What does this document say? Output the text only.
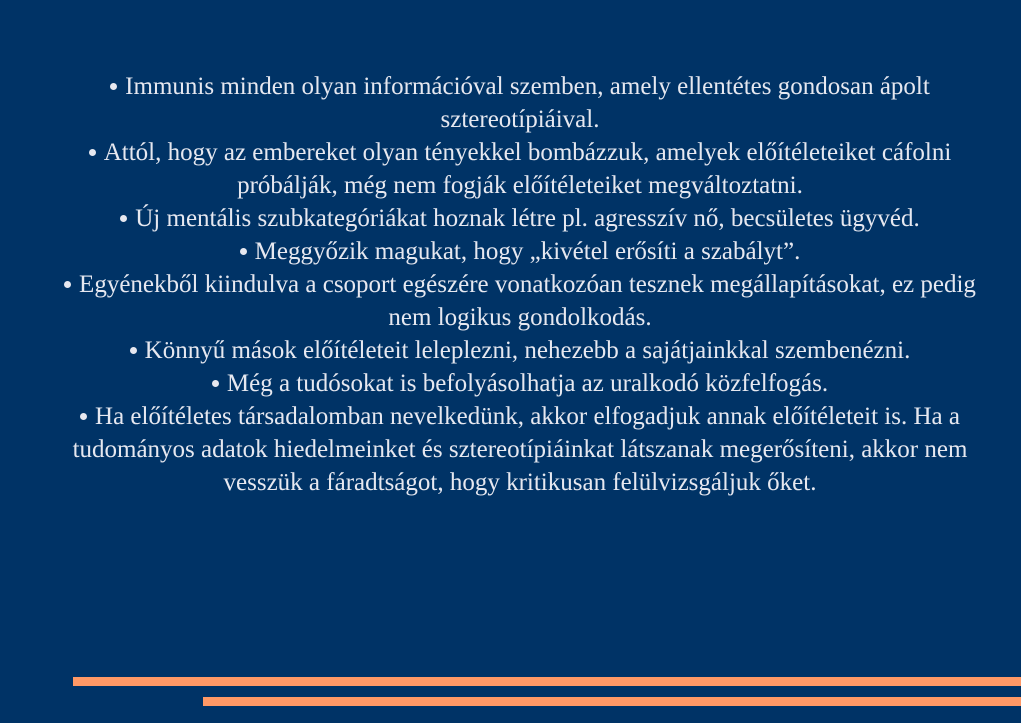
Immunis minden olyan információval szemben, amely ellentétes gondosan ápolt sztereotípiáival.
Attól, hogy az embereket olyan tényekkel bombázzuk, amelyek előítéleteiket cáfolni próbálják, még nem fogják előítéleteiket megváltoztatni.
Új mentális szubkategóriákat hoznak létre pl. agresszív nő, becsületes ügyvéd.
Meggyőzik magukat, hogy „kivétel erősíti a szabályt”.
Egyénekből kiindulva a csoport egészére vonatkozóan tesznek megállapításokat, ez pedig nem logikus gondolkodás.
Könnyű mások előítéleteit leleplezni, nehezebb a sajátjainkkal szembenézni.
Még a tudósokat is befolyásolhatja az uralkodó közfelfogás.
Ha előítéletes társadalomban nevelkedünk, akkor elfogadjuk annak előítéleteit is. Ha a tudományos adatok hiedelmeinket és sztereotípiáinkat látszanak megerősíteni, akkor nem vesszük a fáradtságot, hogy kritikusan felülvizsgáljuk őket.
